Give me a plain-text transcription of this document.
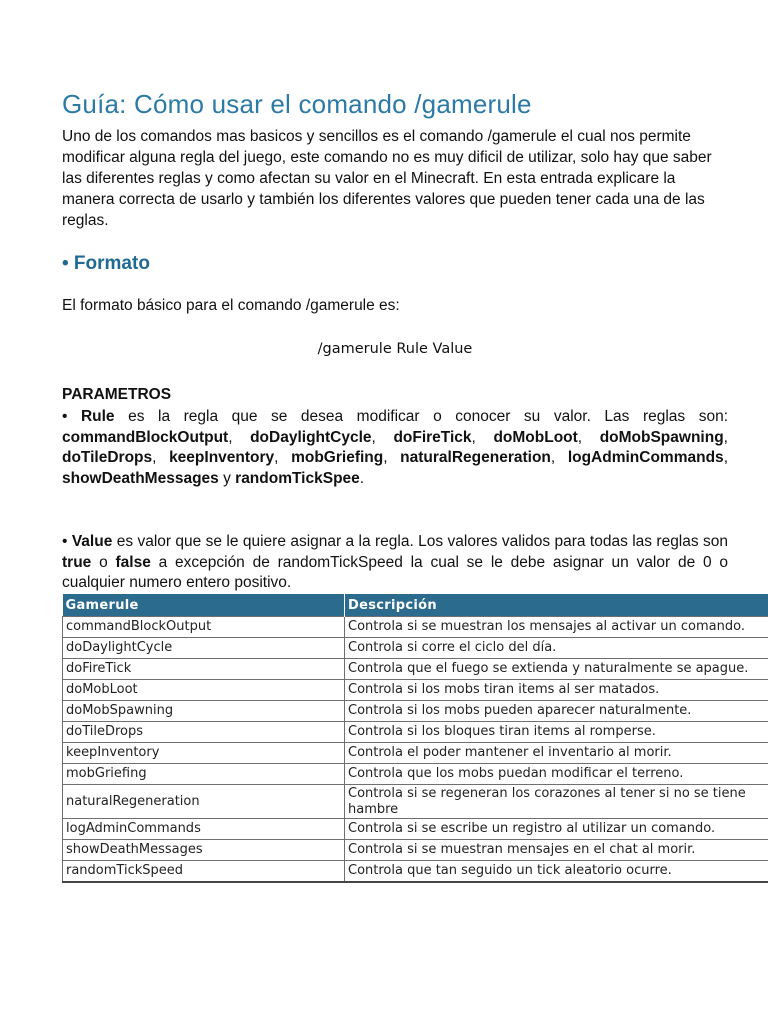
Guía: Cómo usar el comando /gamerule

Uno de los comandos mas basicos y sencillos es el comando /gamerule el cual nos permite modificar alguna regla del juego, este comando no es muy dificil de utilizar, solo hay que saber las diferentes reglas y como afectan su valor en el Minecraft. En esta entrada explicare la manera correcta de usarlo y también los diferentes valores que pueden tener cada una de las reglas.

• Formato
El formato básico para el comando /gamerule es:
/gamerule Rule Value
PARAMETROS
• Rule es la regla que se desea modificar o conocer su valor. Las reglas son: commandBlockOutput, doDaylightCycle, doFireTick, doMobLoot, doMobSpawning, doTileDrops, keepInventory, mobGriefing, naturalRegeneration, logAdminCommands, showDeathMessages y randomTickSpee.
• Value es valor que se le quiere asignar a la regla. Los valores validos para todas las reglas son true o false a excepción de randomTickSpeed la cual se le debe asignar un valor de 0 o cualquier numero entero positivo.
Gamerule	Descripción
commandBlockOutput	Controla si se muestran los mensajes al activar un comando.
doDaylightCycle	Controla si corre el ciclo del día.
doFireTick	Controla que el fuego se extienda y naturalmente se apague.
doMobLoot	Controla si los mobs tiran items al ser matados.
doMobSpawning	Controla si los mobs pueden aparecer naturalmente.
doTileDrops	Controla si los bloques tiran items al romperse.
keepInventory	Controla el poder mantener el inventario al morir.
mobGriefing	Controla que los mobs puedan modificar el terreno.
naturalRegeneration	Controla si se regeneran los corazones al tener si no se tiene hambre
logAdminCommands	Controla si se escribe un registro al utilizar un comando.
showDeathMessages	Controla si se muestran mensajes en el chat al morir.
randomTickSpeed	Controla que tan seguido un tick aleatorio ocurre.
